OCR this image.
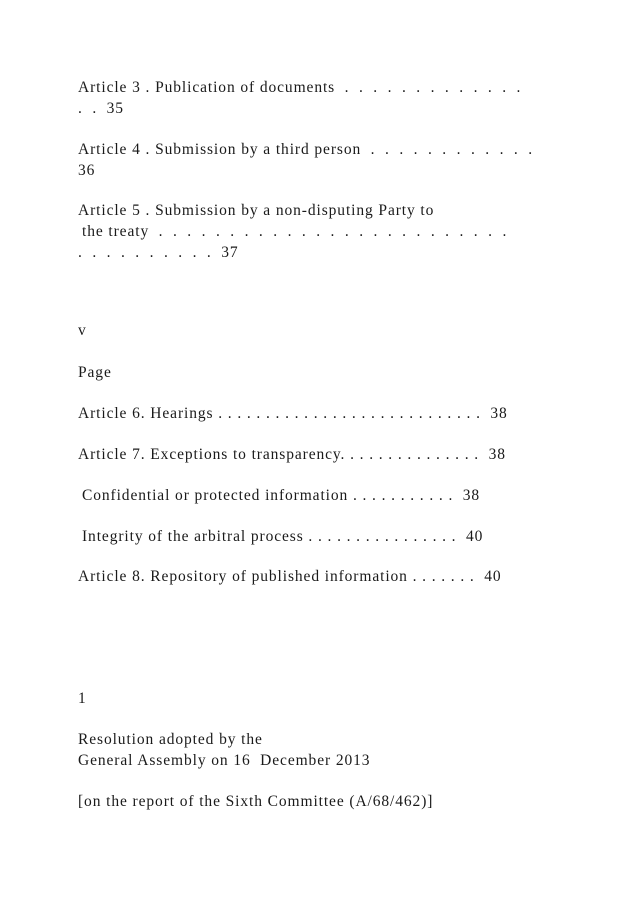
Article 3 . Publication of documents  .  .  .  .  .  .  .  .  .  .  .  .  .
.  .  35
Article 4 . Submission by a third person  .  .  .  .  .  .  .  .  .  .  .  .
36
Article 5 . Submission by a non-disputing Party to
the treaty  .  .  .  .  .  .  .  .  .  .  .  .  .  .  .  .  .  .  .  .  .  .  .  .  .
.  .  .  .  .  .  .  .  .  .  37
v
Page
Article 6. Hearings . . . . . . . . . . . . . . . . . . . . . . . . . . . .  38
Article 7. Exceptions to transparency. . . . . . . . . . . . . . .  38
Confidential or protected information . . . . . . . . . . .  38
Integrity of the arbitral process . . . . . . . . . . . . . . . .  40
Article 8. Repository of published information . . . . . . .  40
1
Resolution adopted by the
General Assembly on 16  December 2013
[on the report of the Sixth Committee (A/68/462)]
